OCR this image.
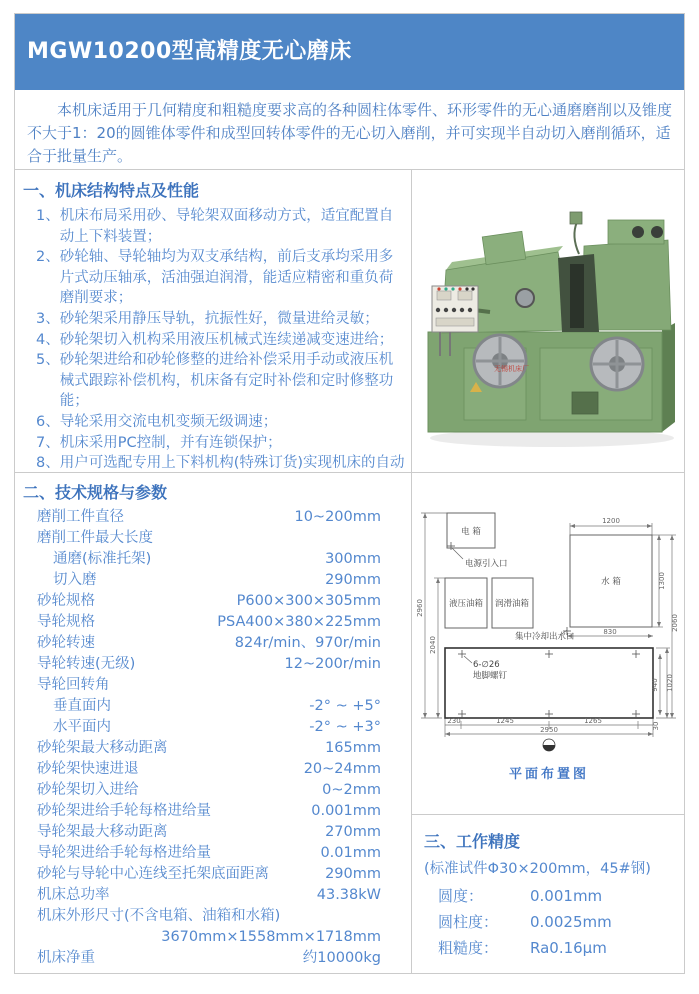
MGW10200型高精度无心磨床

本机床适用于几何精度和粗糙度要求高的各种圆柱体零件、环形零件的无心通磨磨削以及锥度不大于1：20的圆锥体零件和成型回转体零件的无心切入磨削，并可实现半自动切入磨削循环，适合于批量生产。

一、机床结构特点及性能
1、 机床布局采用砂、导轮架双面移动方式，适宜配置自动上下料装置；
2、 砂轮轴、导轮轴均为双支承结构，前后支承均采用多片式动压轴承，活油强迫润滑，能适应精密和重负荷磨削要求；
3、 砂轮架采用静压导轨，抗振性好，微量进给灵敏；
4、 砂轮架切入机构采用液压机械式连续递减变速进给；
5、 砂轮架进给和砂轮修整的进给补偿采用手动或液压机械式跟踪补偿机构，机床备有定时补偿和定时修整功能；
6、 导轮采用交流电机变频无级调速；
7、 机床采用PC控制，并有连锁保护；
8、 用户可选配专用上下料机构(特殊订货)实现机床的自动
无锡机床厂
二、技术规格与参数
磨削工件直径	10~200mm
磨削工件最大长度
通磨(标准托架)	300mm
切入磨	290mm
砂轮规格	P600×300×305mm
导轮规格	PSA400×380×225mm
砂轮转速	824r/min、970r/min
导轮转速(无级)	12~200r/min
导轮回转角
垂直面内	-2° ~ +5°
水平面内	-2° ~ +3°
砂轮架最大移动距离	165mm
砂轮架快速进退	20~24mm
砂轮架切入进给	0~2mm
砂轮架进给手轮每格进给量	0.001mm
导轮架最大移动距离	270mm
导轮架进给手轮每格进给量	0.01mm
砂轮与导轮中心连线至托架底面距离	290mm
机床总功率	43.38kW
机床外形尺寸(不含电箱、油箱和水箱)
3670mm×1558mm×1718mm
机床净重	约10000kg
电 箱
电源引入口
液压油箱 润滑油箱
水 箱
集中冷却出水口
6-∅26
地脚螺钉
1200
1300
2060
830
2960
2040
230	1245	1265
2950
940 1020
30
平面布置图
三、工作精度
(标准试件Φ30×200mm，45#钢)
圆度：	0.001mm
圆柱度： 0.0025mm
粗糙度： Ra0.16μm
